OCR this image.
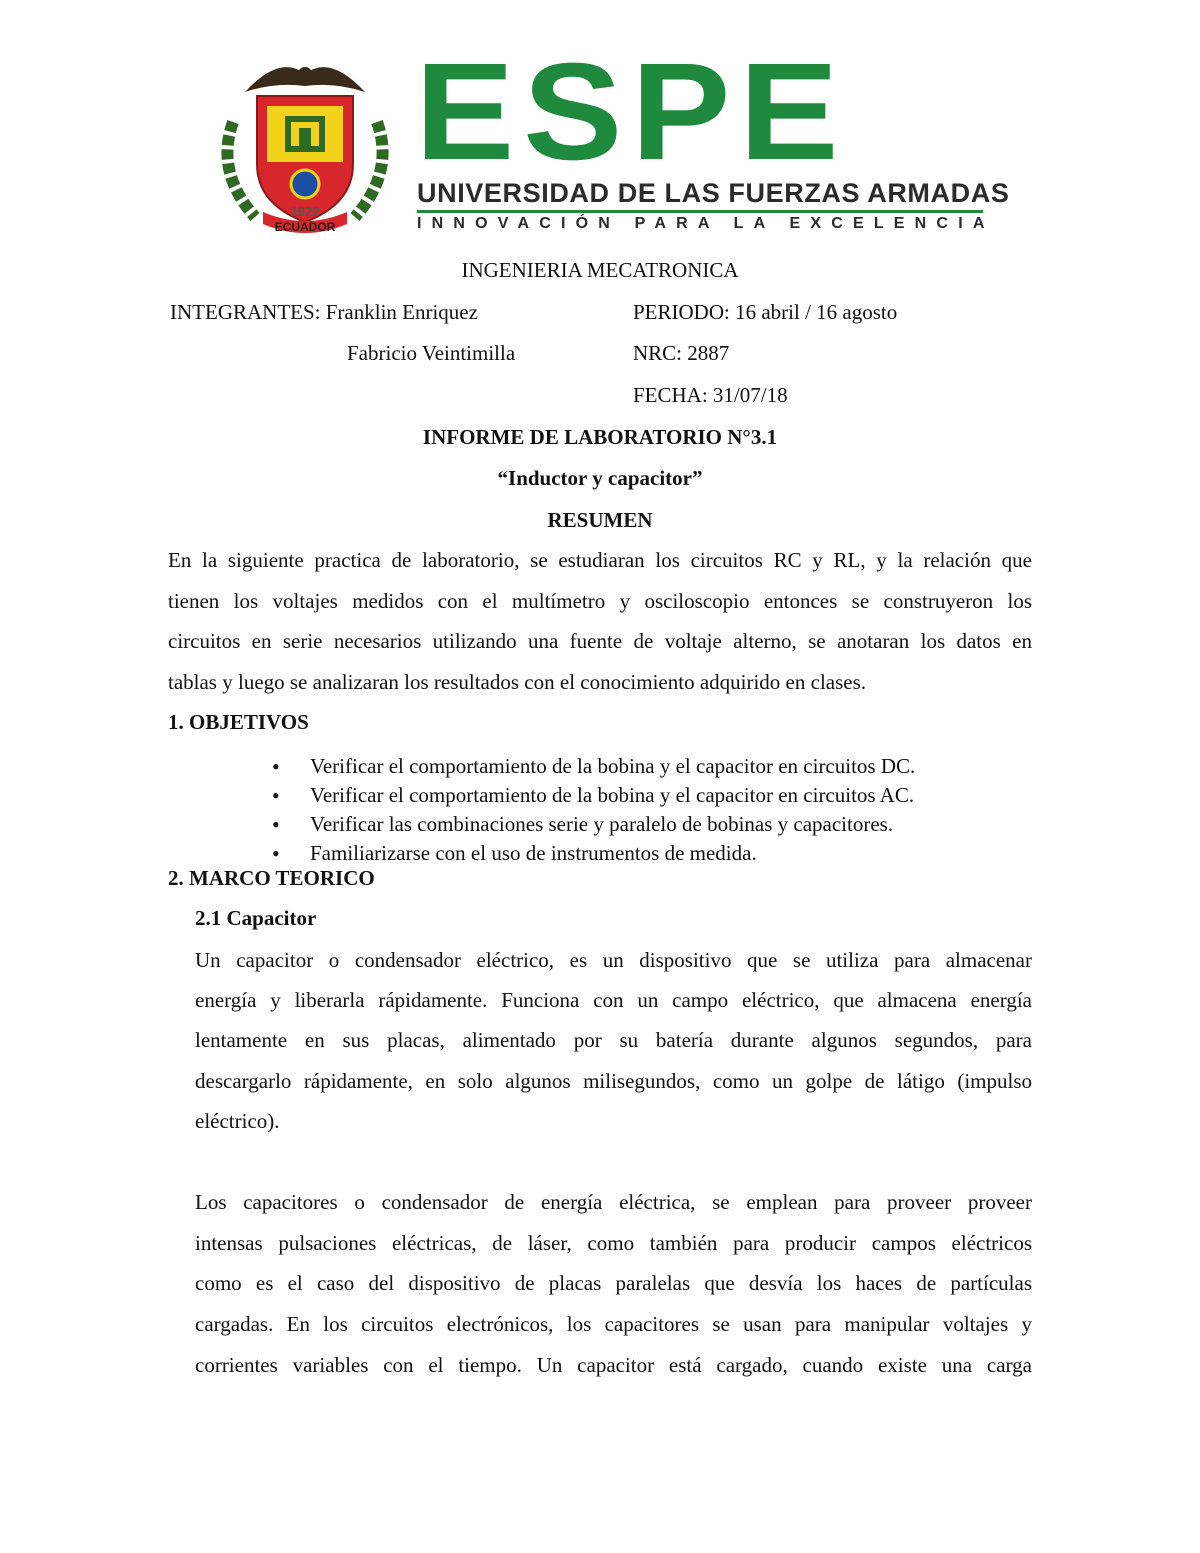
1922
ECUADOR
ESPE
UNIVERSIDAD DE LAS FUERZAS ARMADAS
INNOVACIÓN PARA LA EXCELENCIA
INGENIERIA MECATRONICA
INTEGRANTES: Franklin Enriquez
Fabricio Veintimilla
PERIODO: 16 abril / 16 agosto
NRC: 2887
FECHA: 31/07/18
INFORME DE LABORATORIO N°3.1
“Inductor y capacitor”
RESUMEN
En la siguiente practica de laboratorio, se estudiaran los circuitos RC y RL, y la relación que
tienen los voltajes medidos con el multímetro y osciloscopio entonces se construyeron los
circuitos en serie necesarios utilizando una fuente de voltaje alterno, se anotaran los datos en
tablas y luego se analizaran los resultados con el conocimiento adquirido en clases.
1. OBJETIVOS
• Verificar el comportamiento de la bobina y el capacitor en circuitos DC.
• Verificar el comportamiento de la bobina y el capacitor en circuitos AC.
• Verificar las combinaciones serie y paralelo de bobinas y capacitores.
• Familiarizarse con el uso de instrumentos de medida.
2. MARCO TEORICO
2.1 Capacitor
Un capacitor o condensador eléctrico, es un dispositivo que se utiliza para almacenar
energía y liberarla rápidamente. Funciona con un campo eléctrico, que almacena energía
lentamente en sus placas, alimentado por su batería durante algunos segundos, para
descargarlo rápidamente, en solo algunos milisegundos, como un golpe de látigo (impulso
eléctrico).
Los capacitores o condensador de energía eléctrica, se emplean para proveer proveer
intensas pulsaciones eléctricas, de láser, como también para producir campos eléctricos
como es el caso del dispositivo de placas paralelas que desvía los haces de partículas
cargadas. En los circuitos electrónicos, los capacitores se usan para manipular voltajes y
corrientes variables con el tiempo. Un capacitor está cargado, cuando existe una carga
